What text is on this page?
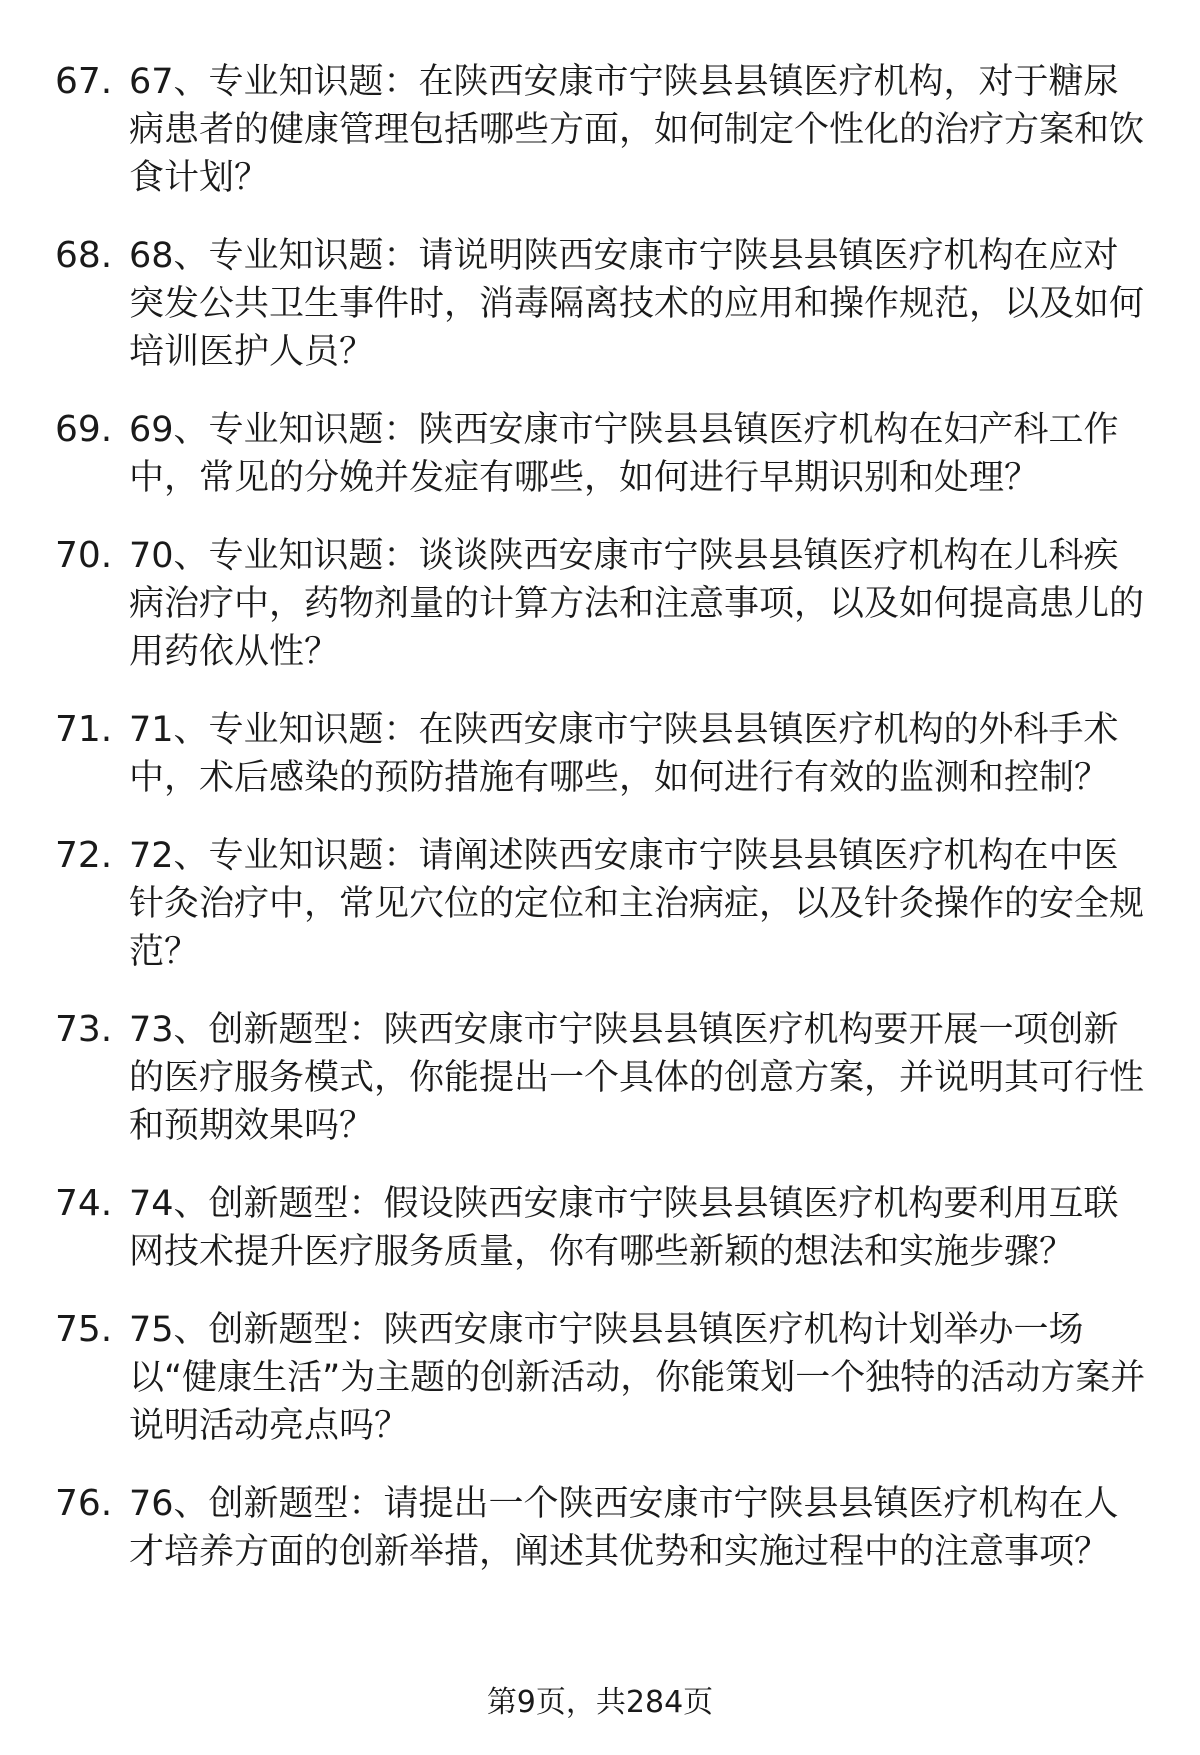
67. 67、专业知识题：在陕西安康市宁陕县县镇医疗机构，对于糖尿病患者的健康管理包括哪些方面，如何制定个性化的治疗方案和饮食计划？
68. 68、专业知识题：请说明陕西安康市宁陕县县镇医疗机构在应对突发公共卫生事件时，消毒隔离技术的应用和操作规范，以及如何培训医护人员？
69. 69、专业知识题：陕西安康市宁陕县县镇医疗机构在妇产科工作中，常见的分娩并发症有哪些，如何进行早期识别和处理？
70. 70、专业知识题：谈谈陕西安康市宁陕县县镇医疗机构在儿科疾病治疗中，药物剂量的计算方法和注意事项，以及如何提高患儿的用药依从性？
71. 71、专业知识题：在陕西安康市宁陕县县镇医疗机构的外科手术中，术后感染的预防措施有哪些，如何进行有效的监测和控制？
72. 72、专业知识题：请阐述陕西安康市宁陕县县镇医疗机构在中医针灸治疗中，常见穴位的定位和主治病症，以及针灸操作的安全规范？
73. 73、创新题型：陕西安康市宁陕县县镇医疗机构要开展一项创新的医疗服务模式，你能提出一个具体的创意方案，并说明其可行性和预期效果吗？
74. 74、创新题型：假设陕西安康市宁陕县县镇医疗机构要利用互联网技术提升医疗服务质量，你有哪些新颖的想法和实施步骤？
75. 75、创新题型：陕西安康市宁陕县县镇医疗机构计划举办一场以“健康生活”为主题的创新活动，你能策划一个独特的活动方案并说明活动亮点吗？
76. 76、创新题型：请提出一个陕西安康市宁陕县县镇医疗机构在人才培养方面的创新举措，阐述其优势和实施过程中的注意事项？
第9页，共284页
